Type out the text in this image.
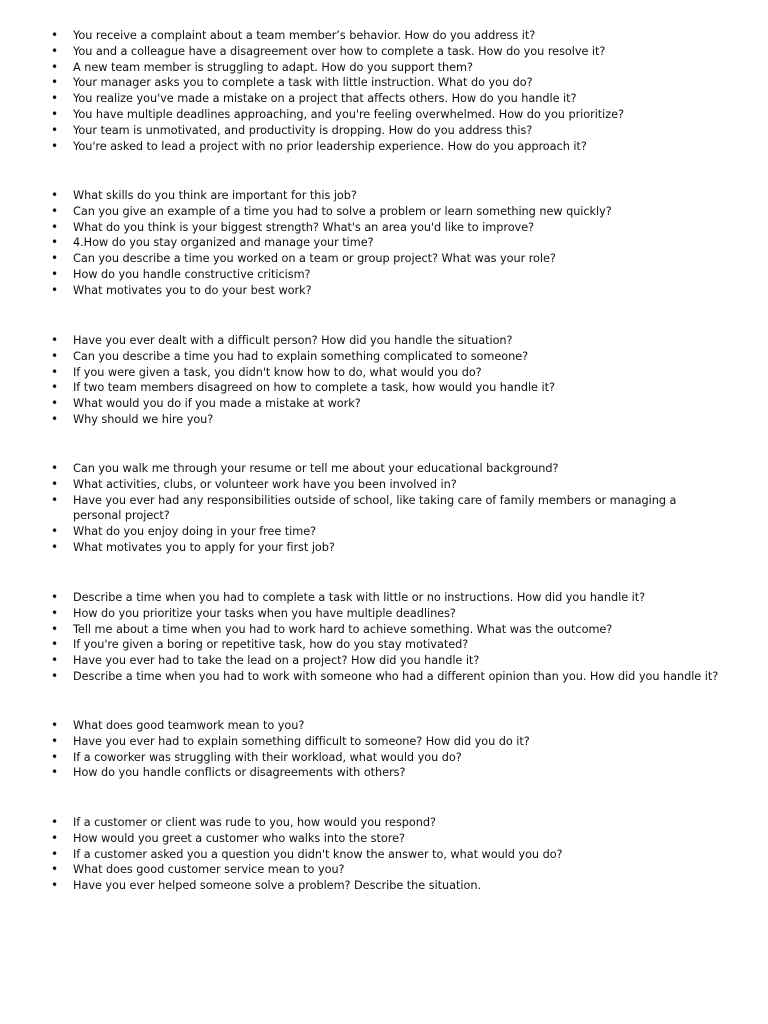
• You receive a complaint about a team member’s behavior. How do you address it?
• You and a colleague have a disagreement over how to complete a task. How do you resolve it?
• A new team member is struggling to adapt. How do you support them?
• Your manager asks you to complete a task with little instruction. What do you do?
• You realize you've made a mistake on a project that affects others. How do you handle it?
• You have multiple deadlines approaching, and you're feeling overwhelmed. How do you prioritize?
• Your team is unmotivated, and productivity is dropping. How do you address this?
• You're asked to lead a project with no prior leadership experience. How do you approach it?
• What skills do you think are important for this job?
• Can you give an example of a time you had to solve a problem or learn something new quickly?
• What do you think is your biggest strength? What's an area you'd like to improve?
• 4.How do you stay organized and manage your time?
• Can you describe a time you worked on a team or group project? What was your role?
• How do you handle constructive criticism?
• What motivates you to do your best work?
• Have you ever dealt with a difficult person? How did you handle the situation?
• Can you describe a time you had to explain something complicated to someone?
• If you were given a task, you didn't know how to do, what would you do?
• If two team members disagreed on how to complete a task, how would you handle it?
• What would you do if you made a mistake at work?
• Why should we hire you?
• Can you walk me through your resume or tell me about your educational background?
• What activities, clubs, or volunteer work have you been involved in?
• Have you ever had any responsibilities outside of school, like taking care of family members or managing a personal project?
• What do you enjoy doing in your free time?
• What motivates you to apply for your first job?
• Describe a time when you had to complete a task with little or no instructions. How did you handle it?
• How do you prioritize your tasks when you have multiple deadlines?
• Tell me about a time when you had to work hard to achieve something. What was the outcome?
• If you're given a boring or repetitive task, how do you stay motivated?
• Have you ever had to take the lead on a project? How did you handle it?
• Describe a time when you had to work with someone who had a different opinion than you. How did you handle it?
• What does good teamwork mean to you?
• Have you ever had to explain something difficult to someone? How did you do it?
• If a coworker was struggling with their workload, what would you do?
• How do you handle conflicts or disagreements with others?
• If a customer or client was rude to you, how would you respond?
• How would you greet a customer who walks into the store?
• If a customer asked you a question you didn't know the answer to, what would you do?
• What does good customer service mean to you?
• Have you ever helped someone solve a problem? Describe the situation.
